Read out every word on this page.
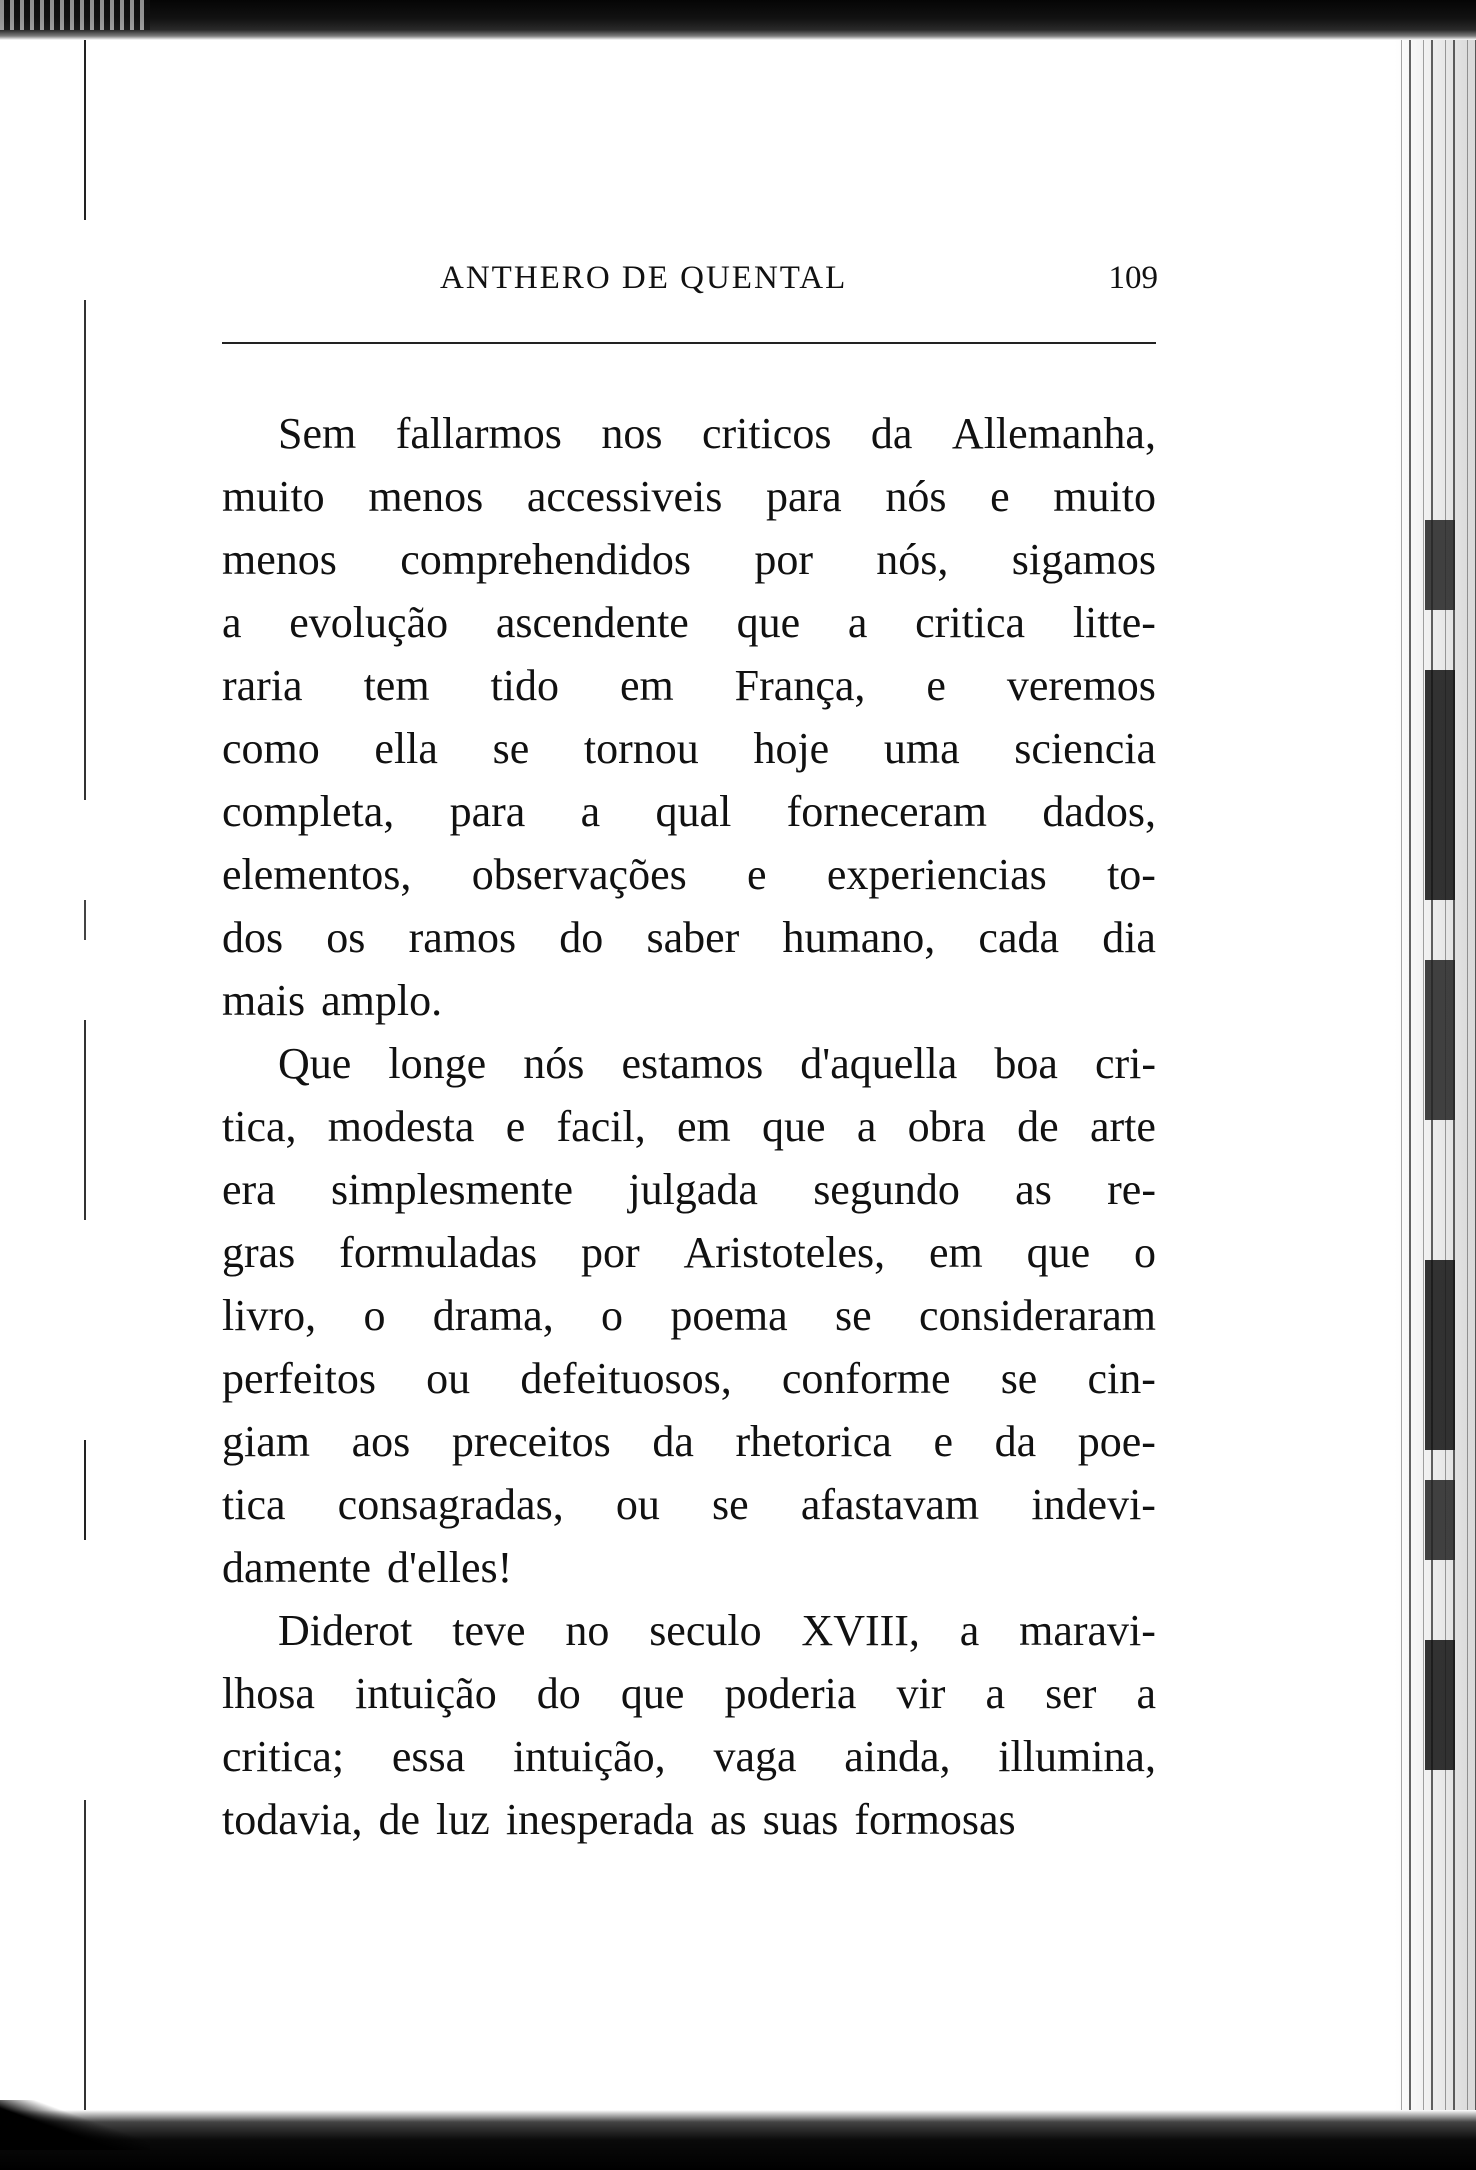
ANTHERO DE QUENTAL	109
Sem fallarmos nos criticos da Allemanha,
muito menos accessiveis para nós e muito
menos comprehendidos por nós, sigamos
a evolução ascendente que a critica litte-
raria tem tido em França, e veremos
como ella se tornou hoje uma sciencia
completa, para a qual forneceram dados,
elementos, observações e experiencias to-
dos os ramos do saber humano, cada dia
mais amplo.
Que longe nós estamos d'aquella boa cri-
tica, modesta e facil, em que a obra de arte
era simplesmente julgada segundo as re-
gras formuladas por Aristoteles, em que o
livro, o drama, o poema se consideraram
perfeitos ou defeituosos, conforme se cin-
giam aos preceitos da rhetorica e da poe-
tica consagradas, ou se afastavam indevi-
damente d'elles!
Diderot teve no seculo XVIII, a maravi-
lhosa intuição do que poderia vir a ser a
critica; essa intuição, vaga ainda, illumina,
todavia, de luz inesperada as suas formosas
